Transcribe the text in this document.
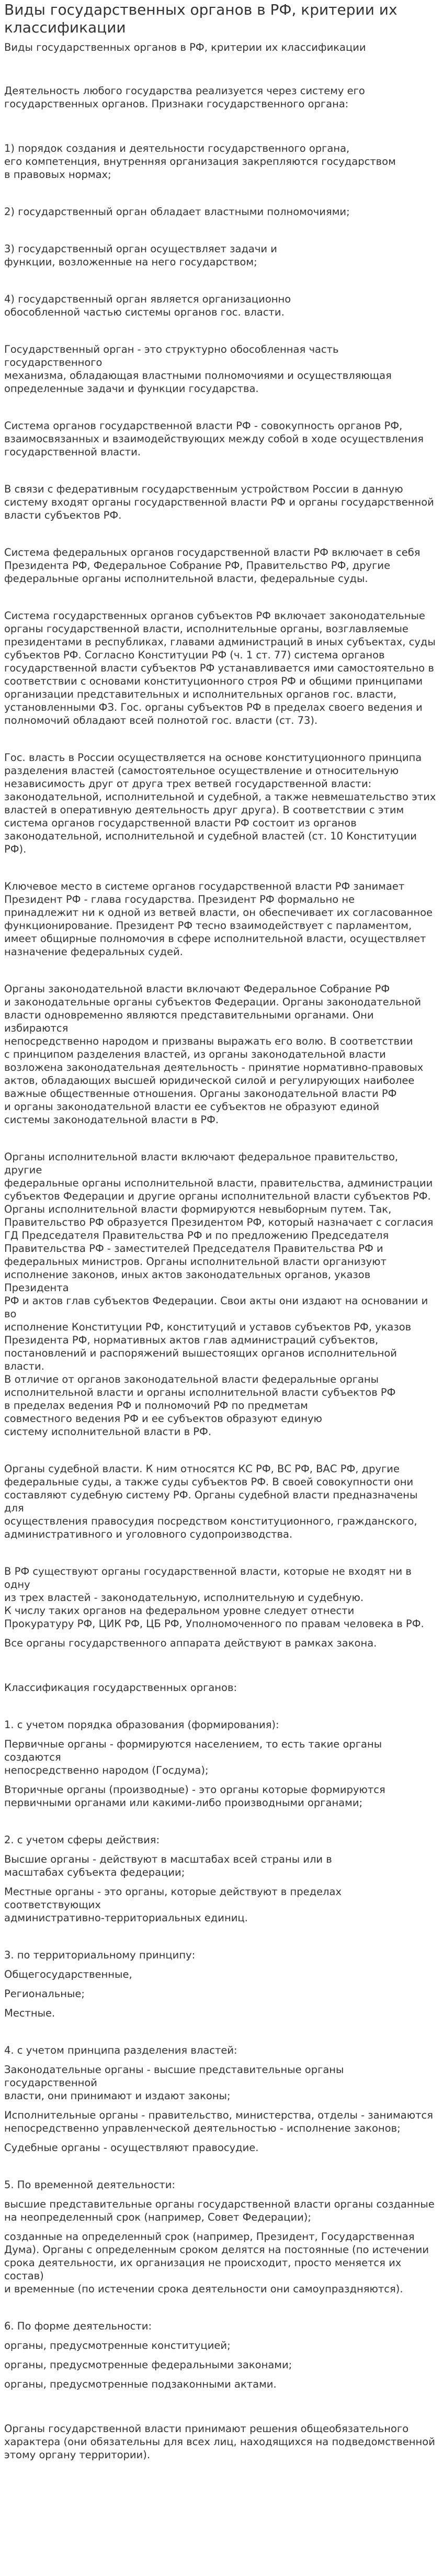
Виды государственных органов в РФ, критерии их классификации
Виды государственных органов в РФ, критерии их классификации

Деятельность любого государства реализуется через систему его
государственных органов. Признаки государственного органа:

1) порядок создания и деятельности государственного органа,
его компетенция, внутренняя организация закрепляются государством
в правовых нормах;

2) государственный орган обладает властными полномочиями;

3) государственный орган осуществляет задачи и
функции, возложенные на него государством;

4) государственный орган является организационно
обособленной частью системы органов гос. власти.

Государственный орган - это структурно обособленная часть государственного
механизма, обладающая властными полномочиями и осуществляющая
определенные задачи и функции государства.

Система органов государственной власти РФ - совокупность органов РФ,
взаимосвязанных и взаимодействующих между собой в ходе осуществления
государственной власти.

В связи с федеративным государственным устройством России в данную
систему входят органы государственной власти РФ и органы государственной
власти субъектов РФ.

Система федеральных органов государственной власти РФ включает в себя
Президента РФ, Федеральное Собрание РФ, Правительство РФ, другие
федеральные органы исполнительной власти, федеральные суды.

Система государственных органов субъектов РФ включает законодательные
органы государственной власти, исполнительные органы, возглавляемые
президентами в республиках, главами администраций в иных субъектах, суды
субъектов РФ. Согласно Конституции РФ (ч. 1 ст. 77) система органов
государственной власти субъектов РФ устанавливается ими самостоятельно в
соответствии с основами конституционного строя РФ и общими принципами
организации представительных и исполнительных органов гос. власти,
установленными ФЗ. Гос. органы субъектов РФ в пределах своего ведения и
полномочий обладают всей полнотой гос. власти (ст. 73).

Гос. власть в России осуществляется на основе конституционного принципа
разделения властей (самостоятельное осуществление и относительную
независимость друг от друга трех ветвей государственной власти:
законодательной, исполнительной и судебной, а также невмешательство этих
властей в оперативную деятельность друг друга). В соответствии с этим
система органов государственной власти РФ состоит из органов
законодательной, исполнительной и судебной властей (ст. 10 Конституции РФ).

Ключевое место в системе органов государственной власти РФ занимает
Президент РФ - глава государства. Президент РФ формально не
принадлежит ни к одной из ветвей власти, он обеспечивает их согласованное
функционирование. Президент РФ тесно взаимодействует с парламентом,
имеет общирные полномочия в сфере исполнительной власти, осуществляет
назначение федеральных судей.

Органы законодательной власти включают Федеральное Собрание РФ
и законодательные органы субъектов Федерации. Органы законодательной
власти одновременно являются представительными органами. Они избираются
непосредственно народом и призваны выражать его волю. В соответствии
с принципом разделения властей, из органы законодательной власти
возложена законодательная деятельность - принятие нормативно-правовых
актов, обладающих высшей юридической силой и регулирующих наиболее
важные общественные отношения. Органы законодательной власти РФ
и органы законодательной власти ее субъектов не образуют единой
системы законодательной власти в РФ.

Органы исполнительной власти включают федеральное правительство, другие
федеральные органы исполнительной власти, правительства, администрации
субъектов Федерации и другие органы исполнительной власти субъектов РФ.
Органы исполнительной власти формируются невыборным путем. Так,
Правительство РФ образуется Президентом РФ, который назначает с согласия
ГД Председателя Правительства РФ и по предложению Председателя
Правительства РФ - заместителей Председателя Правительства РФ и
федеральных министров. Органы исполнительной власти организуют
исполнение законов, иных актов законодательных органов, указов Президента
РФ и актов глав субъектов Федерации. Свои акты они издают на основании и во
исполнение Конституции РФ, конституций и уставов субъектов РФ, указов
Президента РФ, нормативных актов глав администраций субъектов,
постановлений и распоряжений вышестоящих органов исполнительной власти.
В отличие от органов законодательной власти федеральные органы
исполнительной власти и органы исполнительной власти субъектов РФ
в пределах ведения РФ и полномочий РФ по предметам
совместного ведения РФ и ее субъектов образуют единую
систему исполнительной власти в РФ.

Органы судебной власти. К ним относятся КС РФ, ВС РФ, ВАС РФ, другие
федеральные суды, а также суды субъектов РФ. В своей совокупности они
составляют судебную систему РФ. Органы судебной власти предназначены для
осуществления правосудия посредством конституционного, гражданского,
административного и уголовного судопроизводства.

В РФ существуют органы государственной власти, которые не входят ни в одну
из трех властей - законодательную, исполнительную и судебную.
К числу таких органов на федеральном уровне следует отнести
Прокуратуру РФ, ЦИК РФ, ЦБ РФ, Уполномоченного по правам человека в РФ.

Все органы государственного аппарата действуют в рамках закона.

Классификация государственных органов:

1. с учетом порядка образования (формирования):

Первичные органы - формируются населением, то есть такие органы создаются
непосредственно народом (Госдума);

Вторичные органы (производные) - это органы которые формируются
первичными органами или какими-либо производными органами;

2. с учетом сферы действия:

Высшие органы - действуют в масштабах всей страны или в
масштабах субъекта федерации;

Местные органы - это органы, которые действуют в пределах соответствующих
административно-территориальных единиц.

3. по территориальному принципу:

Общегосударственные,

Региональные;

Местные.

4. с учетом принципа разделения властей:

Законодательные органы - высшие представительные органы государственной
власти, они принимают и издают законы;

Исполнительные органы - правительство, министерства, отделы - занимаются
непосредственно управленческой деятельностью - исполнение законов;

Судебные органы - осуществляют правосудие.

5. По временной деятельности:

высшие представительные органы государственной власти органы созданные
на неопределенный срок (например, Совет Федерации);

созданные на определенный срок (например, Президент, Государственная
Дума). Органы с определенным сроком делятся на постоянные (по истечении
срока деятельности, их организация не происходит, просто меняется их состав)
и временные (по истечении срока деятельности они самоупраздняются).

6. По форме деятельности:

органы, предусмотренные конституцией;

органы, предусмотренные федеральными законами;

органы, предусмотренные подзаконными актами.

Органы государственной власти принимают решения общеобязательного
характера (они обязательны для всех лиц, находящихся на подведомственной
этому органу территории).
